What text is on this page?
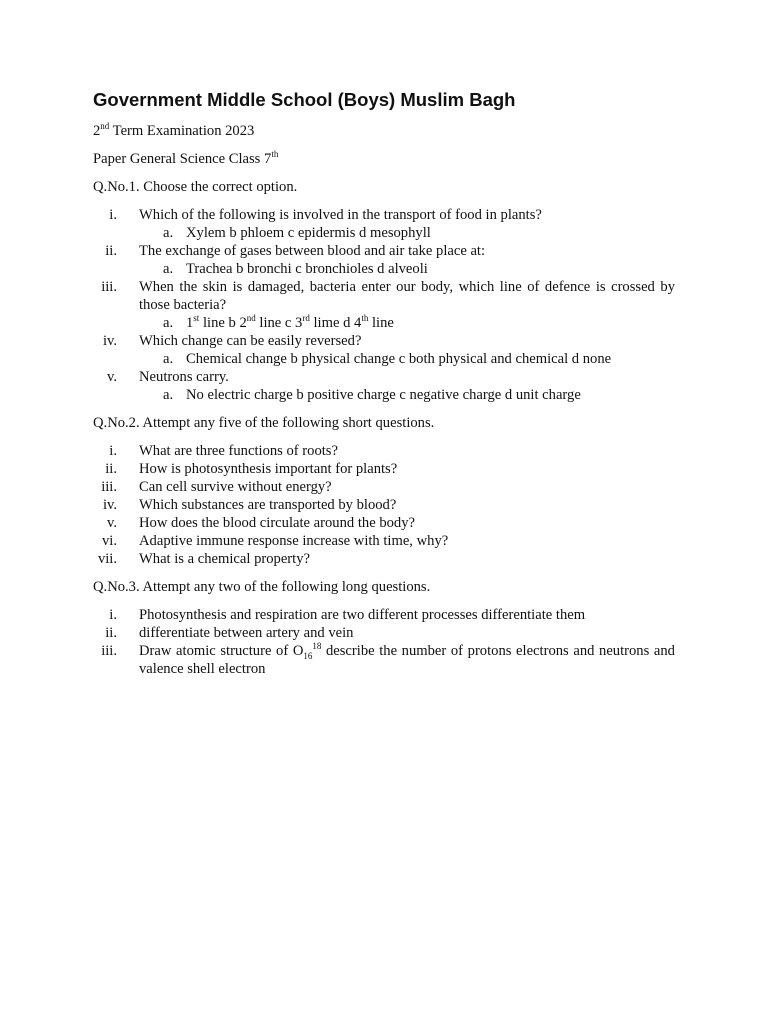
Government Middle School (Boys) Muslim Bagh
2nd Term Examination 2023
Paper General Science Class 7th
Q.No.1. Choose the correct option.
i. Which of the following is involved in the transport of food in plants?
a. Xylem b phloem c epidermis d mesophyll
ii. The exchange of gases between blood and air take place at:
a. Trachea b bronchi c bronchioles d alveoli
iii. When the skin is damaged, bacteria enter our body, which line of defence is crossed by those bacteria?
a. 1st line b 2nd line c 3rd lime d 4th line
iv. Which change can be easily reversed?
a. Chemical change b physical change c both physical and chemical d none
v. Neutrons carry.
a. No electric charge b positive charge c negative charge d unit charge
Q.No.2. Attempt any five of the following short questions.
i. What are three functions of roots?
ii. How is photosynthesis important for plants?
iii. Can cell survive without energy?
iv. Which substances are transported by blood?
v. How does the blood circulate around the body?
vi. Adaptive immune response increase with time, why?
vii. What is a chemical property?
Q.No.3. Attempt any two of the following long questions.
i. Photosynthesis and respiration are two different processes differentiate them
ii. differentiate between artery and vein
iii. Draw atomic structure of $O_{16}^{18}$ describe the number of protons electrons and neutrons and valence shell electron
